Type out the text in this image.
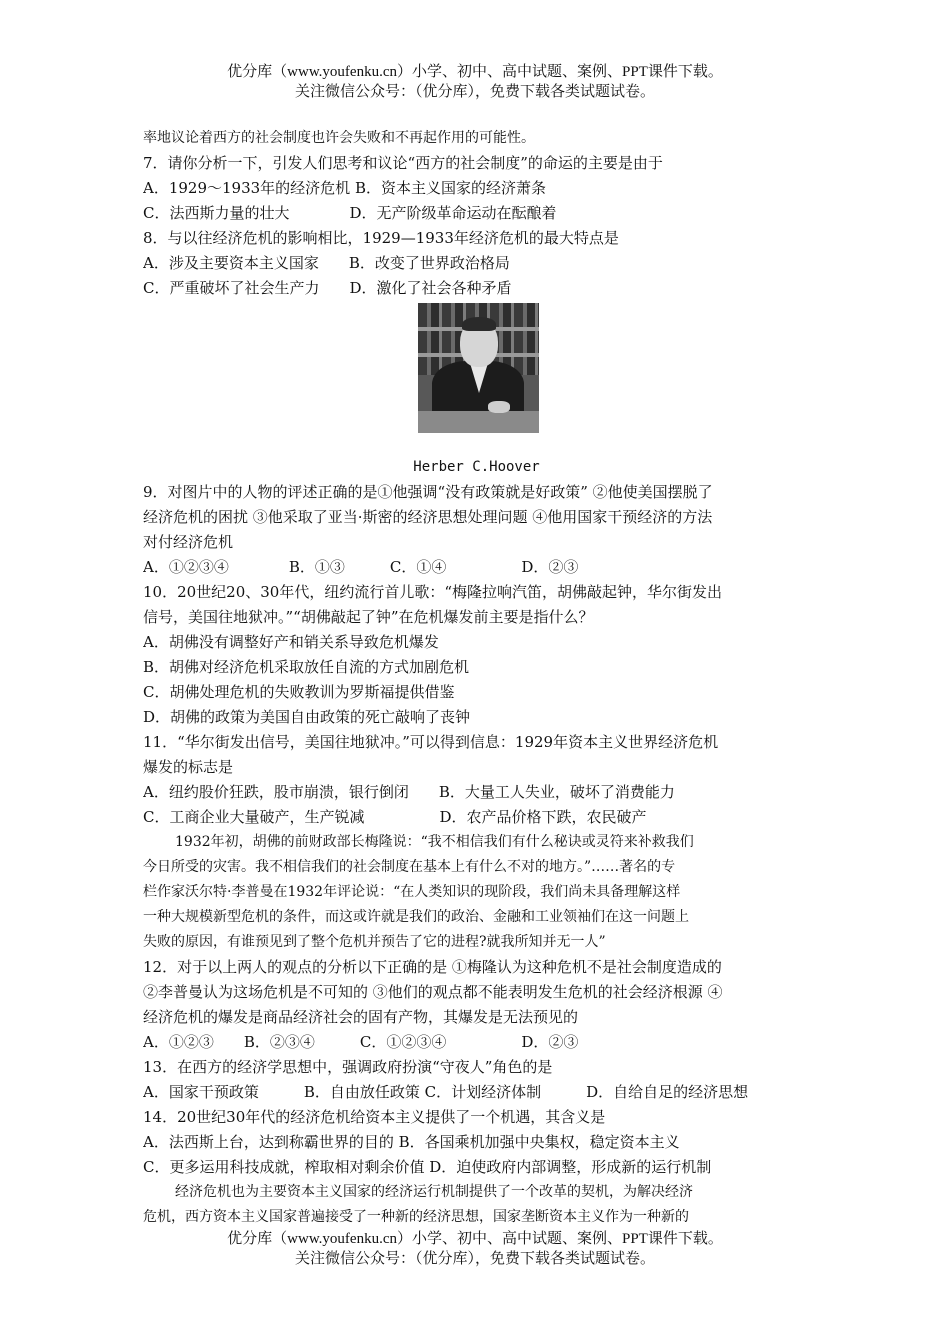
优分库（www.youfenku.cn）小学、初中、高中试题、案例、PPT课件下载。
关注微信公众号：（优分库），免费下载各类试题试卷。
率地议论着西方的社会制度也许会失败和不再起作用的可能性。
7．请你分析一下，引发人们思考和议论“西方的社会制度”的命运的主要是由于
A．1929～1933年的经济危机 B．资本主义国家的经济萧条
C．法西斯力量的壮大　　　　D．无产阶级革命运动在酝酿着
8．与以往经济危机的影响相比，1929—1933年经济危机的最大特点是
A．涉及主要资本主义国家　　B．改变了世界政治格局
C．严重破坏了社会生产力　　D．激化了社会各种矛盾
Herber C.Hoover
9．对图片中的人物的评述正确的是①他强调“没有政策就是好政策” ②他使美国摆脱了
经济危机的困扰 ③他采取了亚当·斯密的经济思想处理问题 ④他用国家干预经济的方法
对付经济危机
A．①②③④　　　　B．①③　　　C．①④　　　　　D．②③
10．20世纪20、30年代，纽约流行首儿歌：“梅隆拉响汽笛，胡佛敲起钟，华尔街发出
信号，美国往地狱冲。”“胡佛敲起了钟”在危机爆发前主要是指什么？
A．胡佛没有调整好产和销关系导致危机爆发
B．胡佛对经济危机采取放任自流的方式加剧危机
C．胡佛处理危机的失败教训为罗斯福提供借鉴
D．胡佛的政策为美国自由政策的死亡敲响了丧钟
11．“华尔街发出信号，美国往地狱冲。”可以得到信息：1929年资本主义世界经济危机
爆发的标志是
A．纽约股价狂跌，股市崩溃，银行倒闭　　B．大量工人失业，破坏了消费能力
C．工商企业大量破产，生产锐减　　　　　D．农产品价格下跌，农民破产
1932年初，胡佛的前财政部长梅隆说：“我不相信我们有什么秘诀或灵符来补救我们
今日所受的灾害。我不相信我们的社会制度在基本上有什么不对的地方。”……著名的专
栏作家沃尔特·李普曼在1932年评论说：“在人类知识的现阶段，我们尚未具备理解这样
一种大规模新型危机的条件，而这或许就是我们的政治、金融和工业领袖们在这一问题上
失败的原因，有谁预见到了整个危机并预告了它的进程?就我所知并无一人”
12．对于以上两人的观点的分析以下正确的是 ①梅隆认为这种危机不是社会制度造成的
②李普曼认为这场危机是不可知的 ③他们的观点都不能表明发生危机的社会经济根源 ④
经济危机的爆发是商品经济社会的固有产物，其爆发是无法预见的
A．①②③　　B．②③④　　　C．①②③④　　　　　D．②③
13．在西方的经济学思想中，强调政府扮演“守夜人”角色的是
A．国家干预政策　　　B．自由放任政策 C．计划经济体制　　　D．自给自足的经济思想
14．20世纪30年代的经济危机给资本主义提供了一个机遇，其含义是
A．法西斯上台，达到称霸世界的目的 B．各国乘机加强中央集权，稳定资本主义
C．更多运用科技成就，榨取相对剩余价值 D．迫使政府内部调整，形成新的运行机制
经济危机也为主要资本主义国家的经济运行机制提供了一个改革的契机，为解决经济
危机，西方资本主义国家普遍接受了一种新的经济思想，国家垄断资本主义作为一种新的
优分库（www.youfenku.cn）小学、初中、高中试题、案例、PPT课件下载。
关注微信公众号：（优分库），免费下载各类试题试卷。
